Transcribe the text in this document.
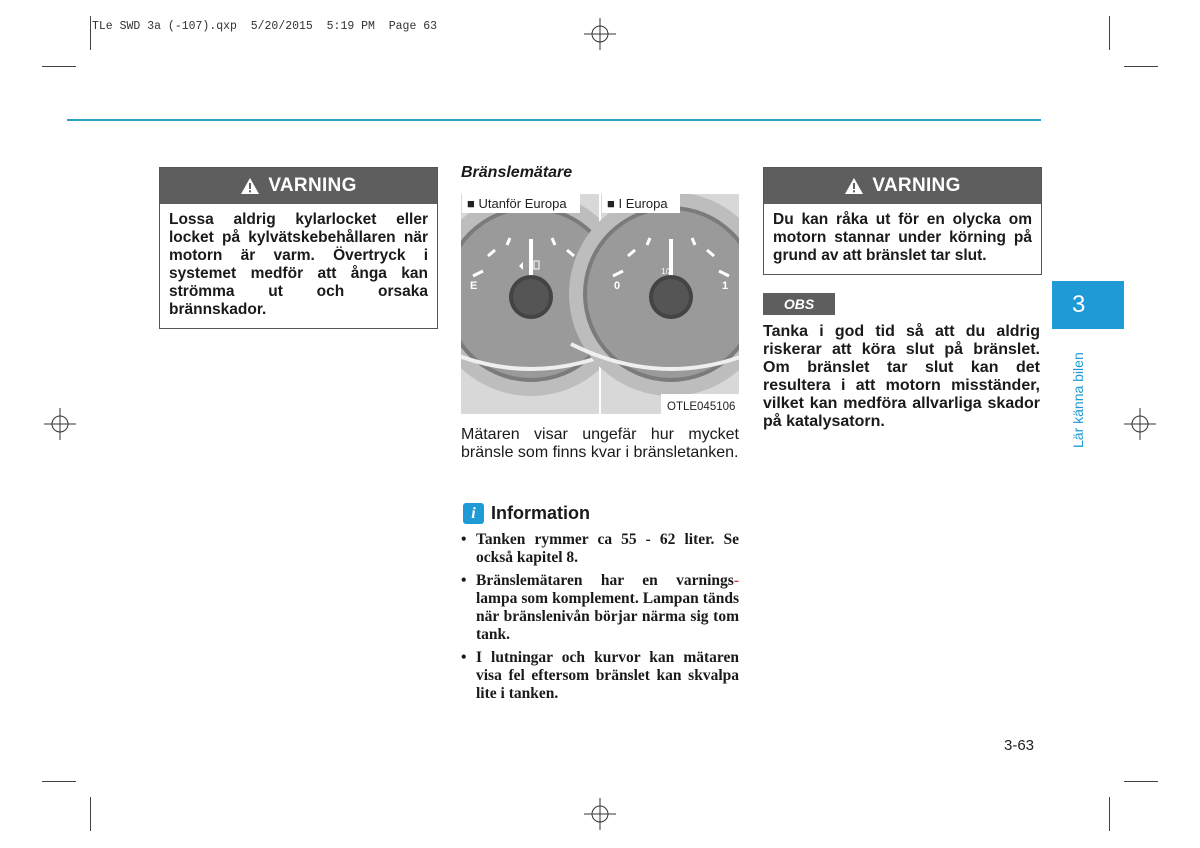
TLe SWD 3a (-107).qxp  5/20/2015  5:19 PM  Page 63
VARNING
Lossa aldrig kylarlocket eller locket på kylvätskebehållaren när motorn är varm. Övertryck i systemet medför att ånga kan strömma ut och orsaka brännskador.
Bränslemätare
E
1/2
0	1
■ Utanför Europa	■ I Europa
OTLE045106
Mätaren visar ungefär hur mycket bränsle som finns kvar i bränsletanken.
i Information
• Tanken rymmer ca 55 - 62 liter. Se också kapitel 8.
• Bränslemätaren har en varnings- lampa som komplement. Lampan tänds när bränslenivån börjar närma sig tom tank.
• I lutningar och kurvor kan mätaren visa fel eftersom bränslet kan skvalpa lite i tanken.
VARNING
Du kan råka ut för en olycka om motorn stannar under körning på grund av att bränslet tar slut.
OBS
Tanka i god tid så att du aldrig riskerar att köra slut på bränslet. Om bränslet tar slut kan det resultera i att motorn misständer, vilket kan medföra allvarliga skador på katalysatorn.
3
Lär känna bilen
3-63
